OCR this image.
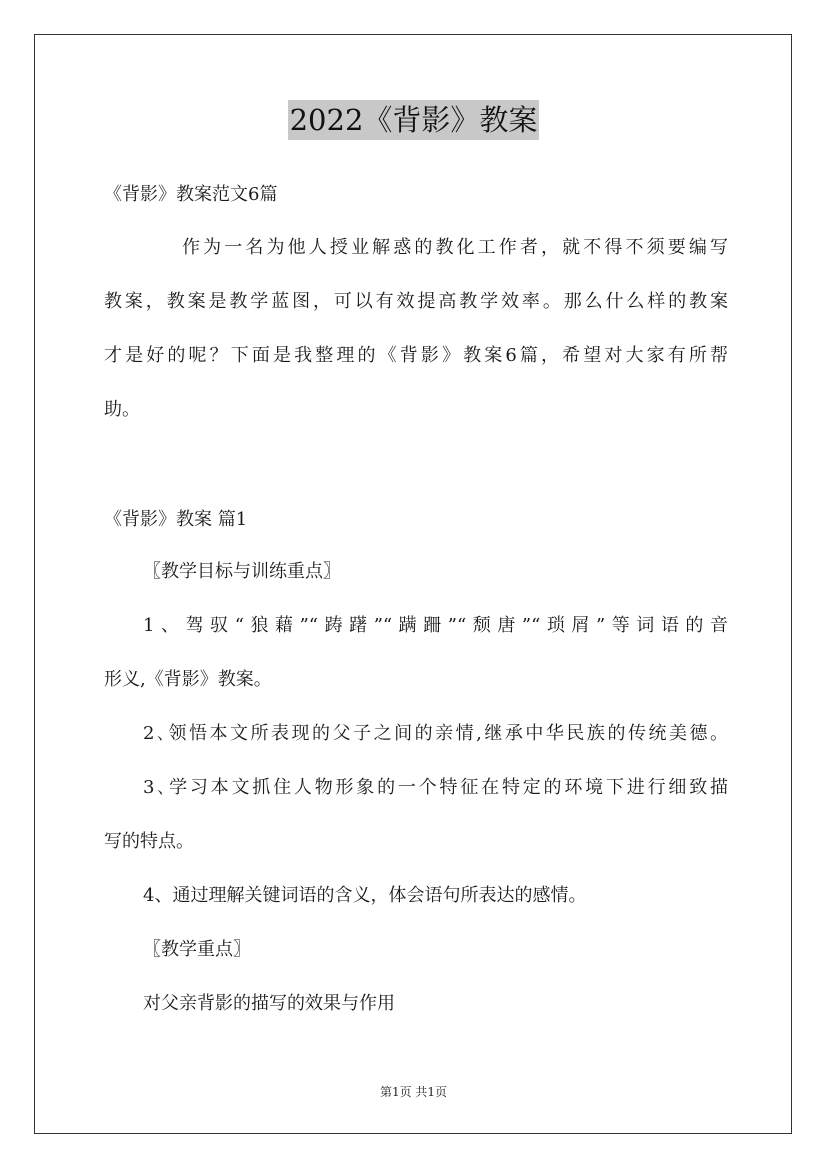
2022《背影》教案
《背影》教案范文6篇
作为一名为他人授业解惑的教化工作者，就不得不须要编写
教案，教案是教学蓝图，可以有效提高教学效率。那么什么样的教案
才是好的呢？下面是我整理的《背影》教案6篇，希望对大家有所帮
助。
《背影》教案 篇1
〖教学目标与训练重点〗
1、驾驭“狼藉”“踌躇”“蹒跚”“颓唐”“琐屑”等词语的音
形义,《背影》教案。
2､领悟本文所表现的父子之间的亲情,继承中华民族的传统美德。
3､学习本文抓住人物形象的一个特征在特定的环境下进行细致描
写的特点。
4、通过理解关键词语的含义，体会语句所表达的感情。
〖教学重点〗
对父亲背影的描写的效果与作用
第1页 共1页
